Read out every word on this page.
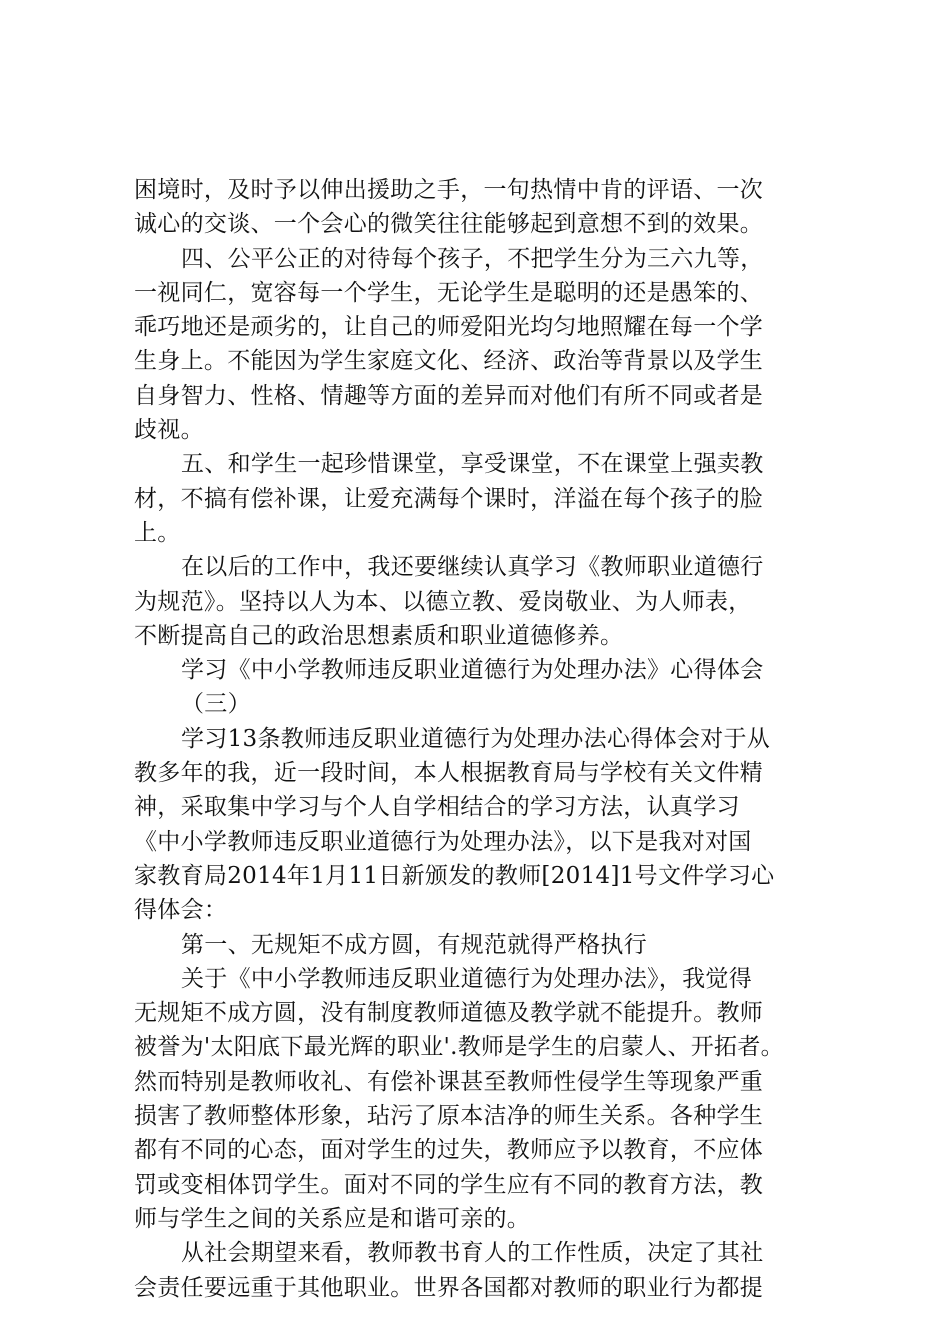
困境时，及时予以伸出援助之手，一句热情中肯的评语、一次
诚心的交谈、一个会心的微笑往往能够起到意想不到的效果。
四、公平公正的对待每个孩子，不把学生分为三六九等，
一视同仁，宽容每一个学生，无论学生是聪明的还是愚笨的、
乖巧地还是顽劣的，让自己的师爱阳光均匀地照耀在每一个学
生身上。不能因为学生家庭文化、经济、政治等背景以及学生
自身智力、性格、情趣等方面的差异而对他们有所不同或者是
歧视。
五、和学生一起珍惜课堂，享受课堂，不在课堂上强卖教
材，不搞有偿补课，让爱充满每个课时，洋溢在每个孩子的脸
上。
在以后的工作中，我还要继续认真学习《教师职业道德行
为规范》。坚持以人为本、以德立教、爱岗敬业、为人师表，
不断提高自己的政治思想素质和职业道德修养。
学习《中小学教师违反职业道德行为处理办法》心得体会
（三）
学习13条教师违反职业道德行为处理办法心得体会对于从
教多年的我，近一段时间，本人根据教育局与学校有关文件精
神，采取集中学习与个人自学相结合的学习方法，认真学习
《中小学教师违反职业道德行为处理办法》，以下是我对对国
家教育局2014年1月11日新颁发的教师[2014]1号文件学习心
得体会：
第一、无规矩不成方圆，有规范就得严格执行
关于《中小学教师违反职业道德行为处理办法》，我觉得
无规矩不成方圆，没有制度教师道德及教学就不能提升。教师
被誉为'太阳底下最光辉的职业'.教师是学生的启蒙人、开拓者。
然而特别是教师收礼、有偿补课甚至教师性侵学生等现象严重
损害了教师整体形象，玷污了原本洁净的师生关系。各种学生
都有不同的心态，面对学生的过失，教师应予以教育，不应体
罚或变相体罚学生。面对不同的学生应有不同的教育方法，教
师与学生之间的关系应是和谐可亲的。
从社会期望来看，教师教书育人的工作性质，决定了其社
会责任要远重于其他职业。世界各国都对教师的职业行为都提
